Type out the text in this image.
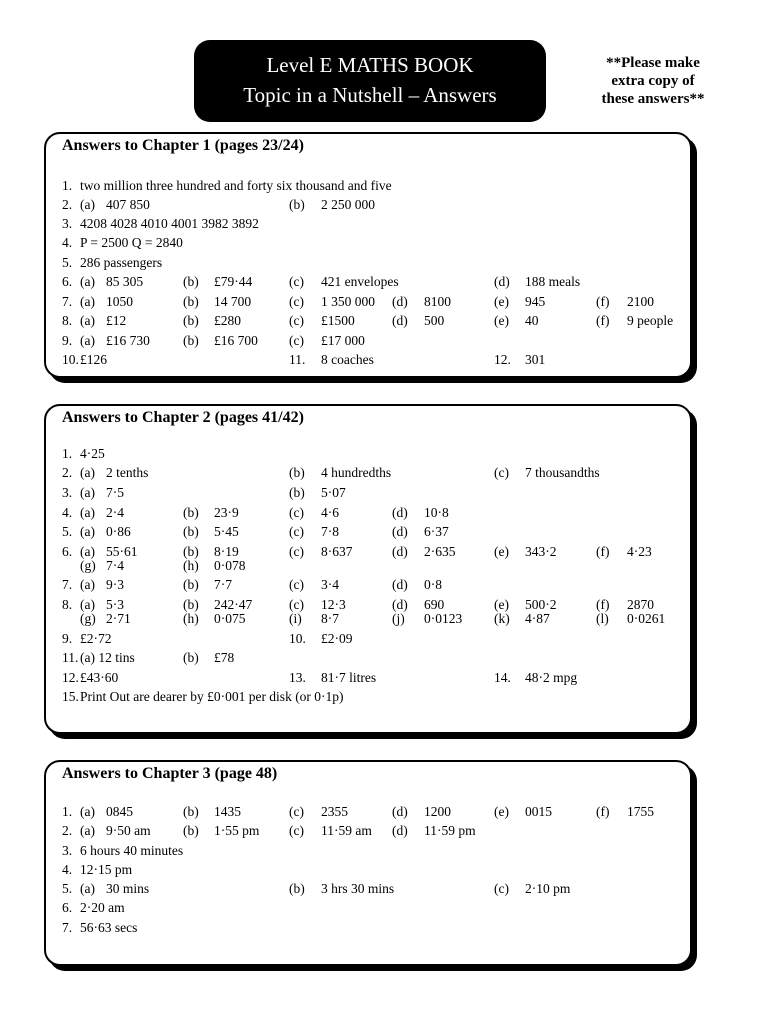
Level E MATHS BOOK
Topic in a Nutshell – Answers
**Please make
extra copy of
these answers**
Answers to Chapter 1 (pages 23/24)
1. two million three hundred and forty six thousand and five
2. (a) 407 850	(b) 2 250 000
3. 4208 4028 4010 4001 3982 3892
4. P = 2500 Q = 2840
5. 286 passengers
6. (a) 85 305	(b) £79·44	(c) 421 envelopes	(d) 188 meals
7. (a) 1050	(b) 14 700	(c) 1 350 000 (d) 8100	(e) 945	(f) 2100
8. (a) £12	(b) £280	(c) £1500	(d) 500	(e) 40	(f) 9 people
9. (a) £16 730 (b) £16 700 (c) £17 000
10. £126	11. 8 coaches	12. 301
Answers to Chapter 2 (pages 41/42)
1. 4·25
2. (a) 2 tenths	(b) 4 hundredths	(c) 7 thousandths
3. (a) 7·5	(b) 5·07
4. (a) 2·4	(b) 23·9	(c) 4·6	(d) 10·8
5. (a) 0·86	(b) 5·45	(c) 7·8	(d) 6·37
6. (a) 55·61	(b) 8·19	(c) 8·637	(d) 2·635	(e) 343·2	(f) 4·23
(g) 7·4	(h) 0·078
7. (a) 9·3	(b) 7·7	(c) 3·4	(d) 0·8
8. (a) 5·3	(b) 242·47	(c) 12·3	(d) 690	(e) 500·2	(f) 2870
(g) 2·71	(h) 0·075	(i) 8·7	(j) 0·0123 (k) 4·87	(l) 0·0261
9. £2·72	10. £2·09
11. (a) 12 tins	(b) £78
12. £43·60	13. 81·7 litres	14. 48·2 mpg
15. Print Out are dearer by £0·001 per disk (or 0·1p)
Answers to Chapter 3 (page 48)
1. (a) 0845	(b) 1435	(c) 2355	(d) 1200	(e) 0015	(f) 1755
2. (a) 9·50 am (b) 1·55 pm (c) 11·59 am (d) 11·59 pm
3. 6 hours 40 minutes
4. 12·15 pm
5. (a) 30 mins	(b) 3 hrs 30 mins	(c) 2·10 pm
6. 2·20 am
7. 56·63 secs
